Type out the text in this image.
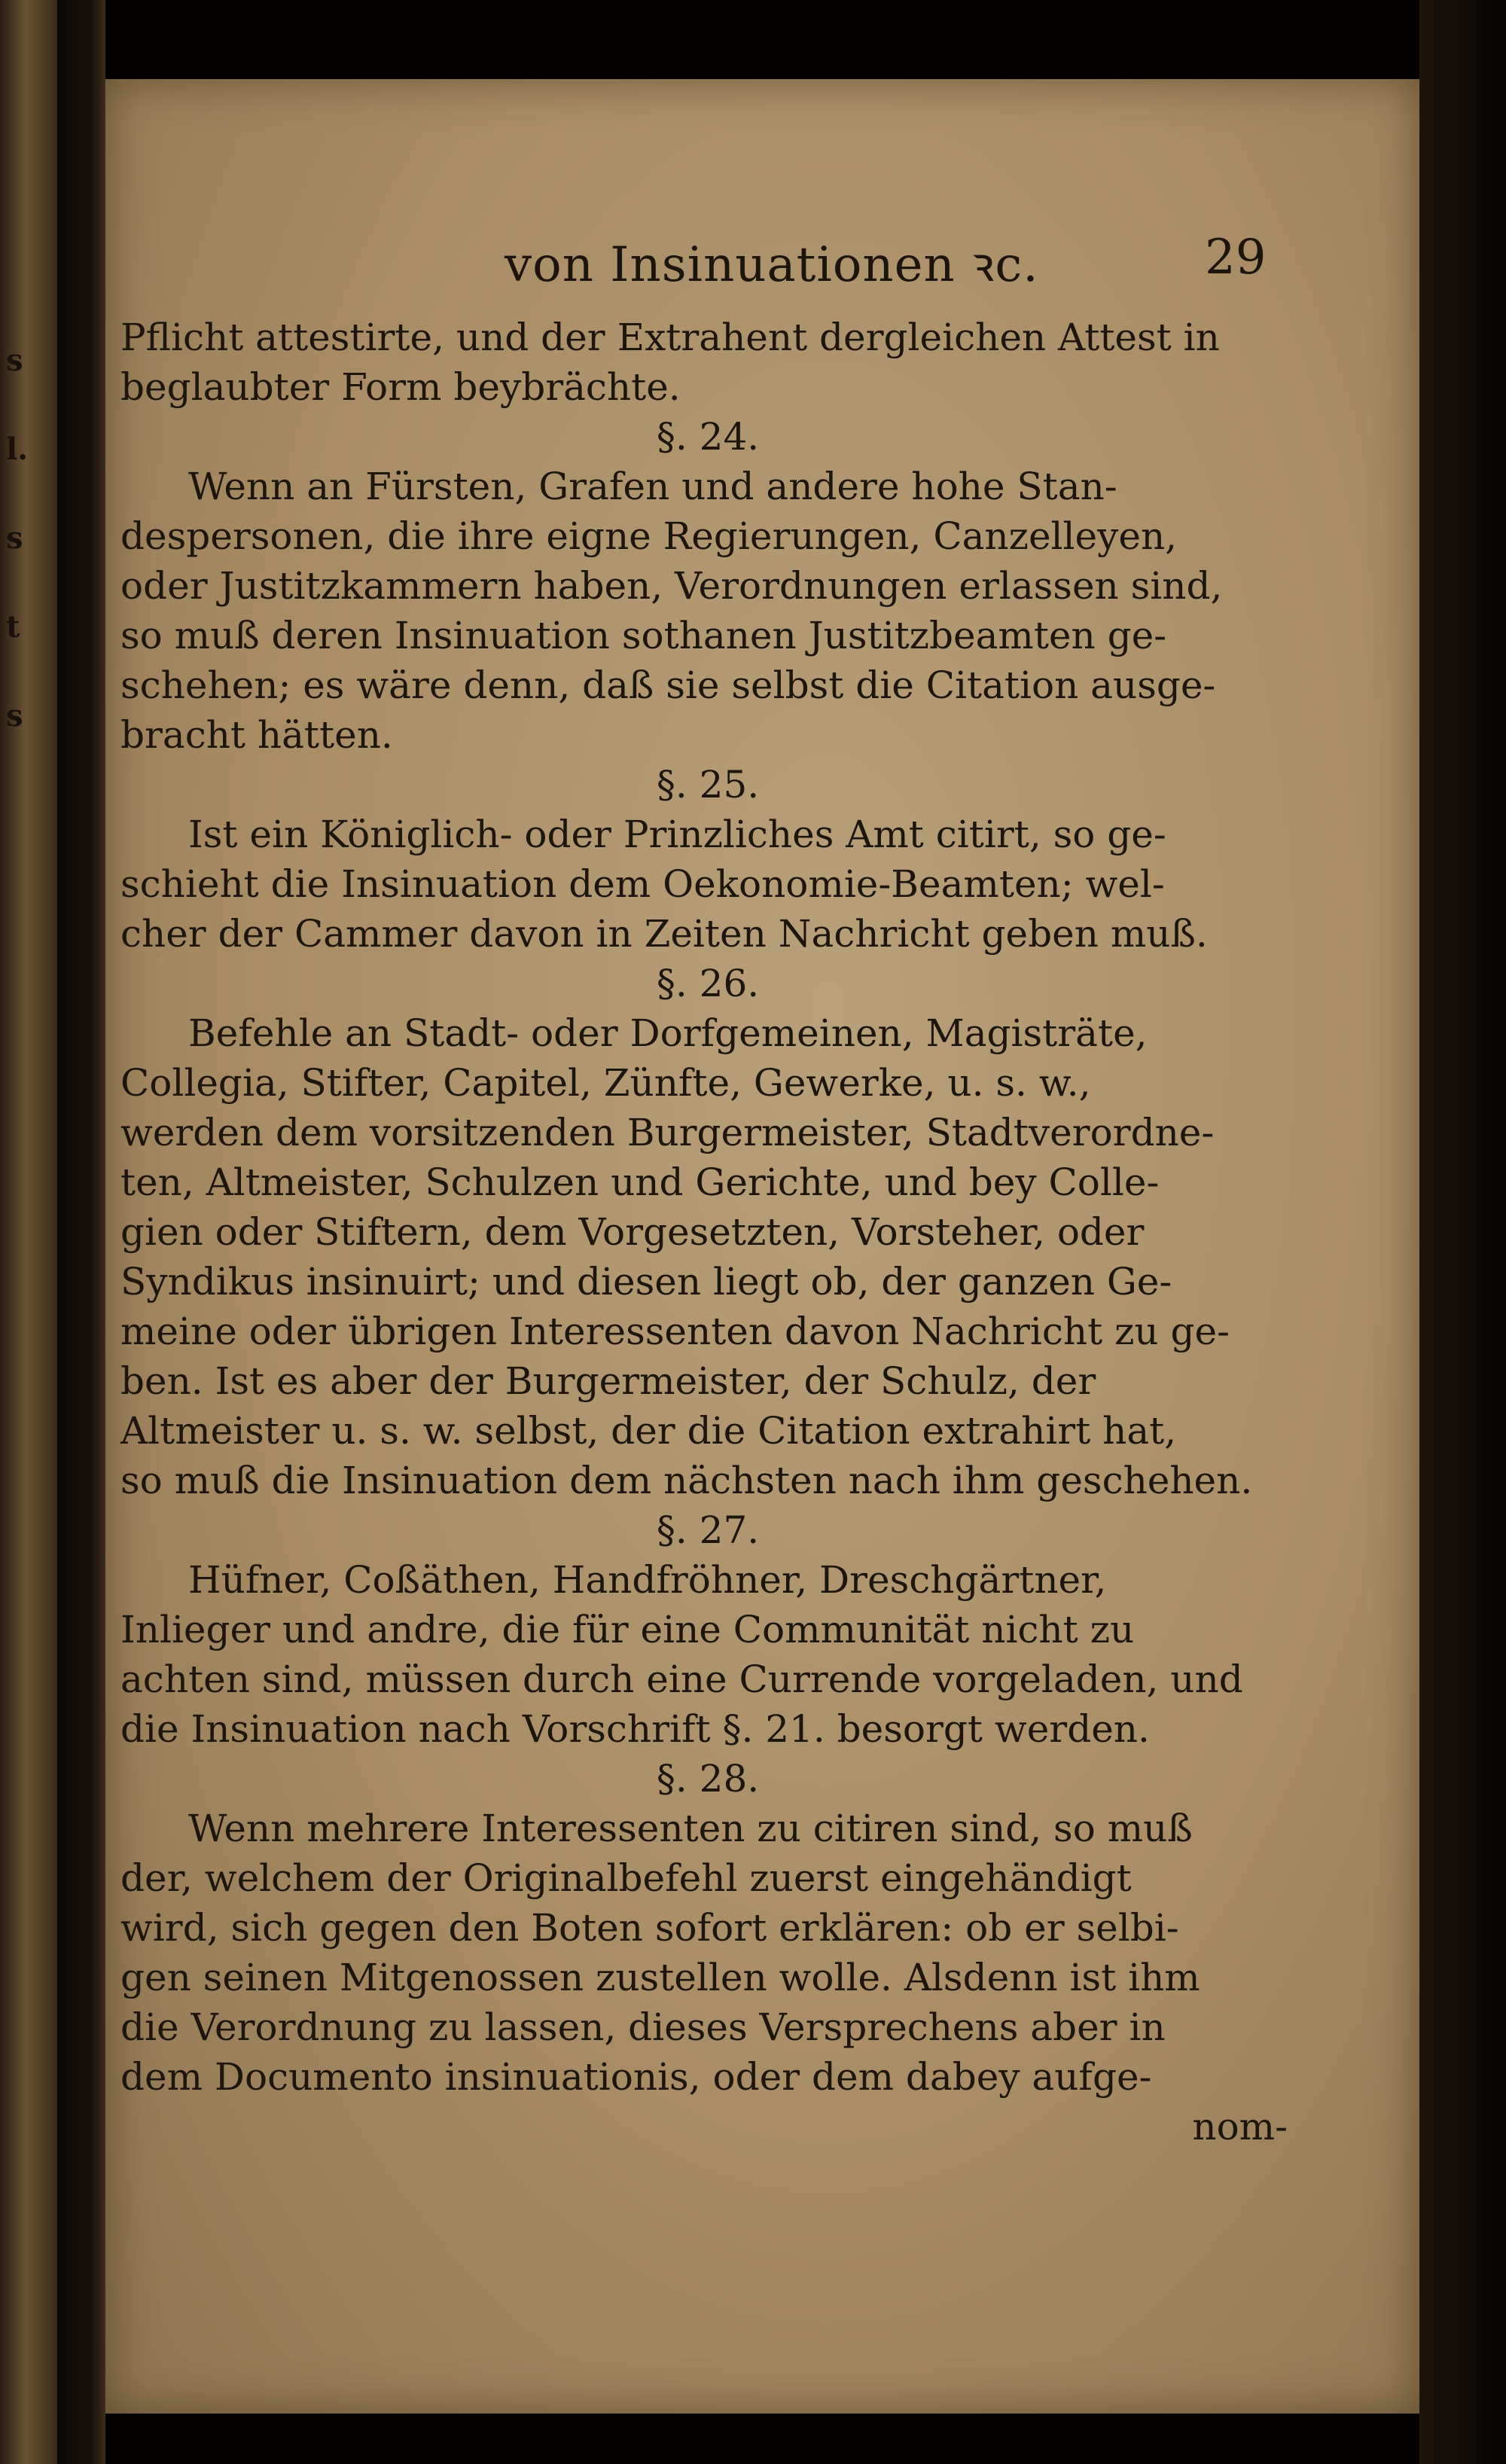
s
l.
s
t
s
von Insinuationen ꝛc.	29
Pflicht attestirte, und der Extrahent dergleichen Attest in
beglaubter Form beybrächte.
§. 24.
Wenn an Fürsten, Grafen und andere hohe Stan-
despersonen, die ihre eigne Regierungen, Canzelleyen,
oder Justitzkammern haben, Verordnungen erlassen sind,
so muß deren Insinuation sothanen Justitzbeamten ge-
schehen; es wäre denn, daß sie selbst die Citation ausge-
bracht hätten.
§. 25.
Ist ein Königlich- oder Prinzliches Amt citirt, so ge-
schieht die Insinuation dem Oekonomie-Beamten; wel-
cher der Cammer davon in Zeiten Nachricht geben muß.
§. 26.
Befehle an Stadt- oder Dorfgemeinen, Magisträte,
Collegia, Stifter, Capitel, Zünfte, Gewerke, u. s. w.,
werden dem vorsitzenden Burgermeister, Stadtverordne-
ten, Altmeister, Schulzen und Gerichte, und bey Colle-
gien oder Stiftern, dem Vorgesetzten, Vorsteher, oder
Syndikus insinuirt; und diesen liegt ob, der ganzen Ge-
meine oder übrigen Interessenten davon Nachricht zu ge-
ben. Ist es aber der Burgermeister, der Schulz, der
Altmeister u. s. w. selbst, der die Citation extrahirt hat,
so muß die Insinuation dem nächsten nach ihm geschehen.
§. 27.
Hüfner, Coßäthen, Handfröhner, Dreschgärtner,
Inlieger und andre, die für eine Communität nicht zu
achten sind, müssen durch eine Currende vorgeladen, und
die Insinuation nach Vorschrift §. 21. besorgt werden.
§. 28.
Wenn mehrere Interessenten zu citiren sind, so muß
der, welchem der Originalbefehl zuerst eingehändigt
wird, sich gegen den Boten sofort erklären: ob er selbi-
gen seinen Mitgenossen zustellen wolle. Alsdenn ist ihm
die Verordnung zu lassen, dieses Versprechens aber in
dem Documento insinuationis, oder dem dabey aufge-
nom-
